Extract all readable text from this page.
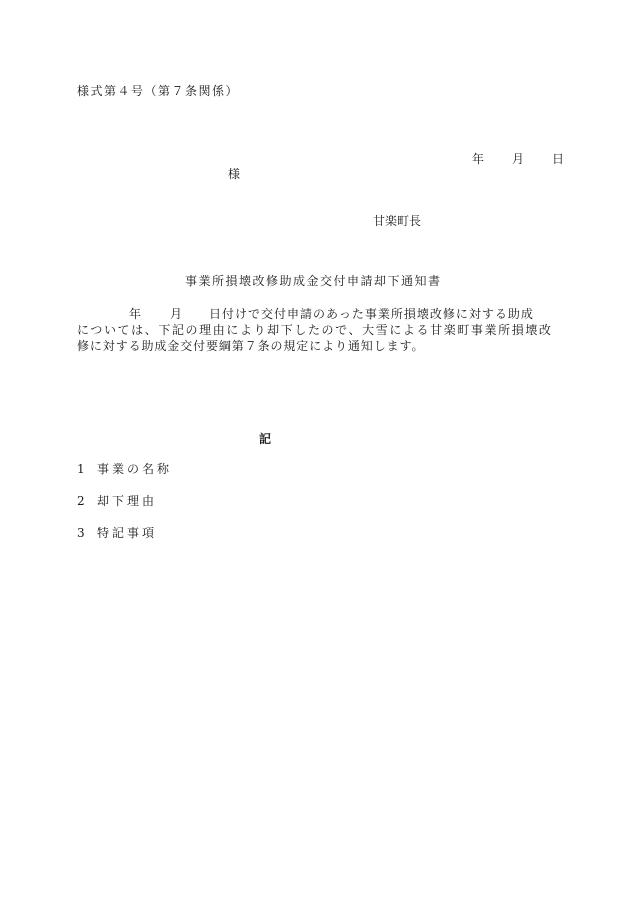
様式第４号（第７条関係）
年 月 日
様
甘楽町長
事業所損壊改修助成金交付申請却下通知書
年 月 日付けで交付申請のあった事業所損壊改修に対する助成
については、下記の理由により却下したので、大雪による甘楽町事業所損壊改
修に対する助成金交付要綱第７条の規定により通知します。
記
1 事業の名称
2 却下理由
3 特記事項
